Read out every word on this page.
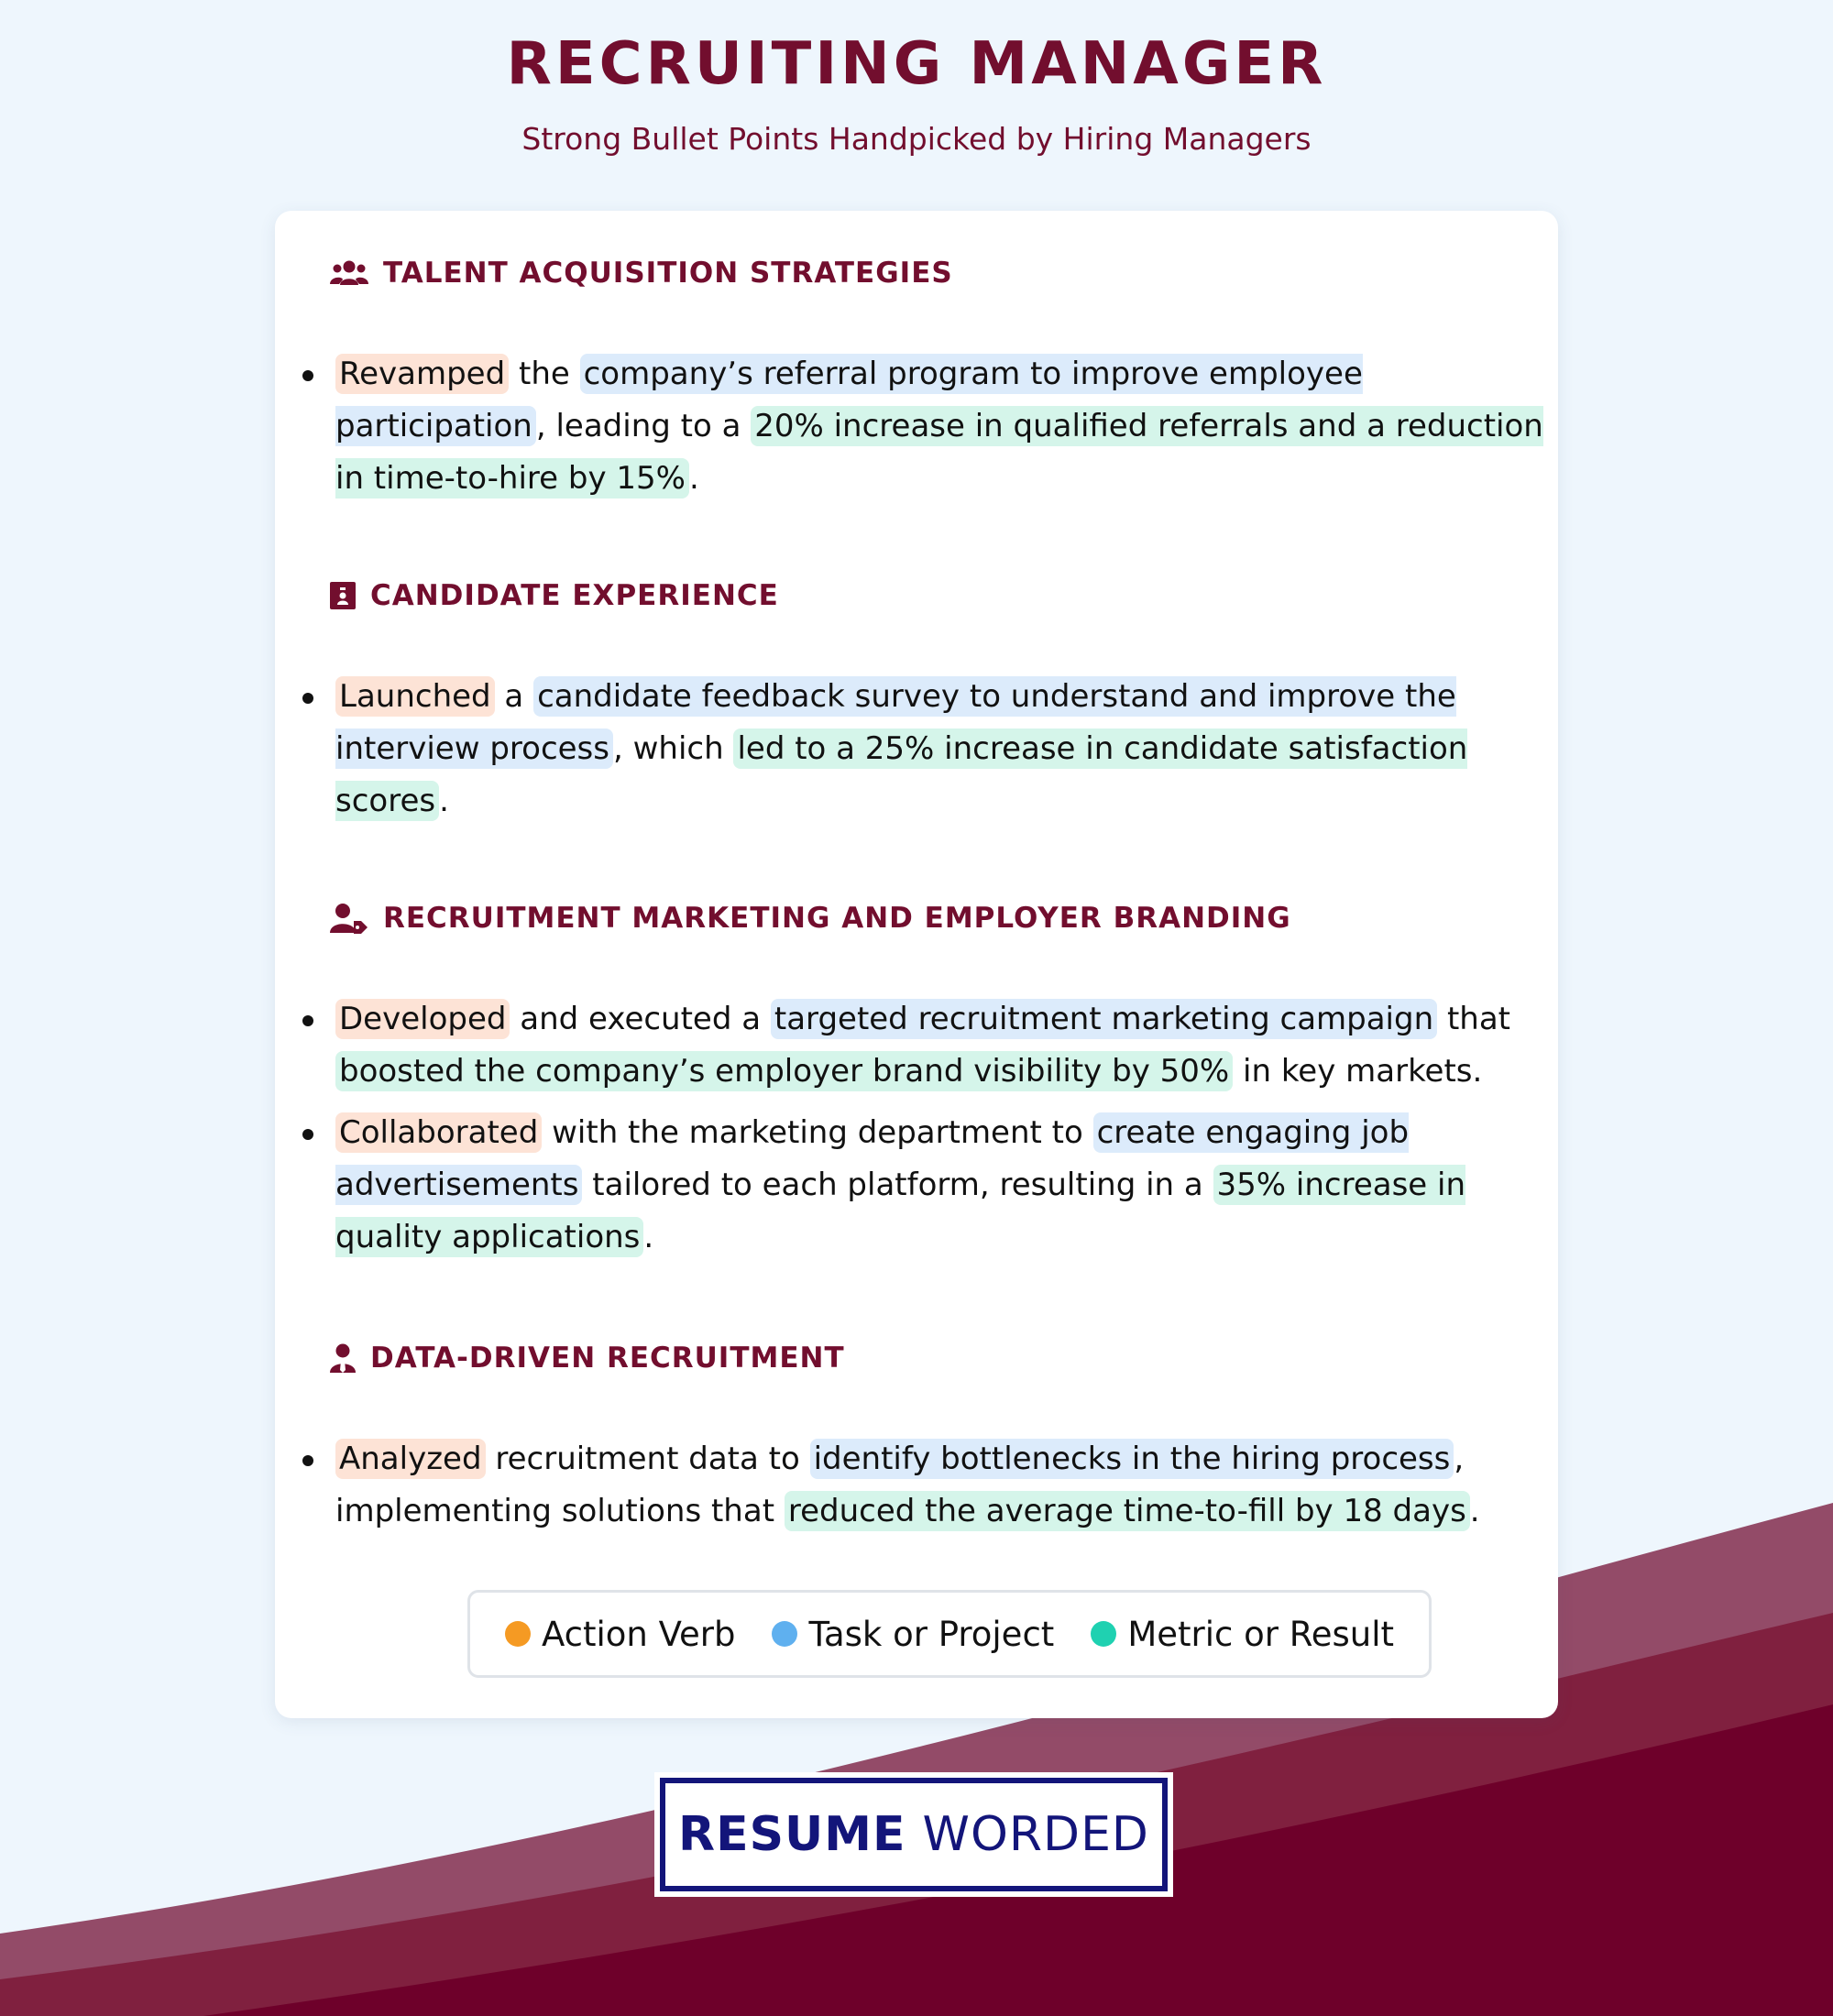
RECRUITING MANAGER
Strong Bullet Points Handpicked by Hiring Managers
TALENT ACQUISITION STRATEGIES
Revamped the company’s referral program to improve employee participation , leading to a 20% increase in qualified referrals and a reduction in time-to-hire by 15% .
CANDIDATE EXPERIENCE
Launched a candidate feedback survey to understand and improve the interview process , which led to a 25% increase in candidate satisfaction scores .
RECRUITMENT MARKETING AND EMPLOYER BRANDING
Developed and executed a targeted recruitment marketing campaign that boosted the company’s employer brand visibility by 50% in key markets.
Collaborated with the marketing department to create engaging job advertisements tailored to each platform, resulting in a 35% increase in quality applications .
DATA-DRIVEN RECRUITMENT
Analyzed recruitment data to identify bottlenecks in the hiring process , implementing solutions that reduced the average time-to-fill by 18 days .
Action Verb Task or Project Metric or Result
RESUME WORDED
